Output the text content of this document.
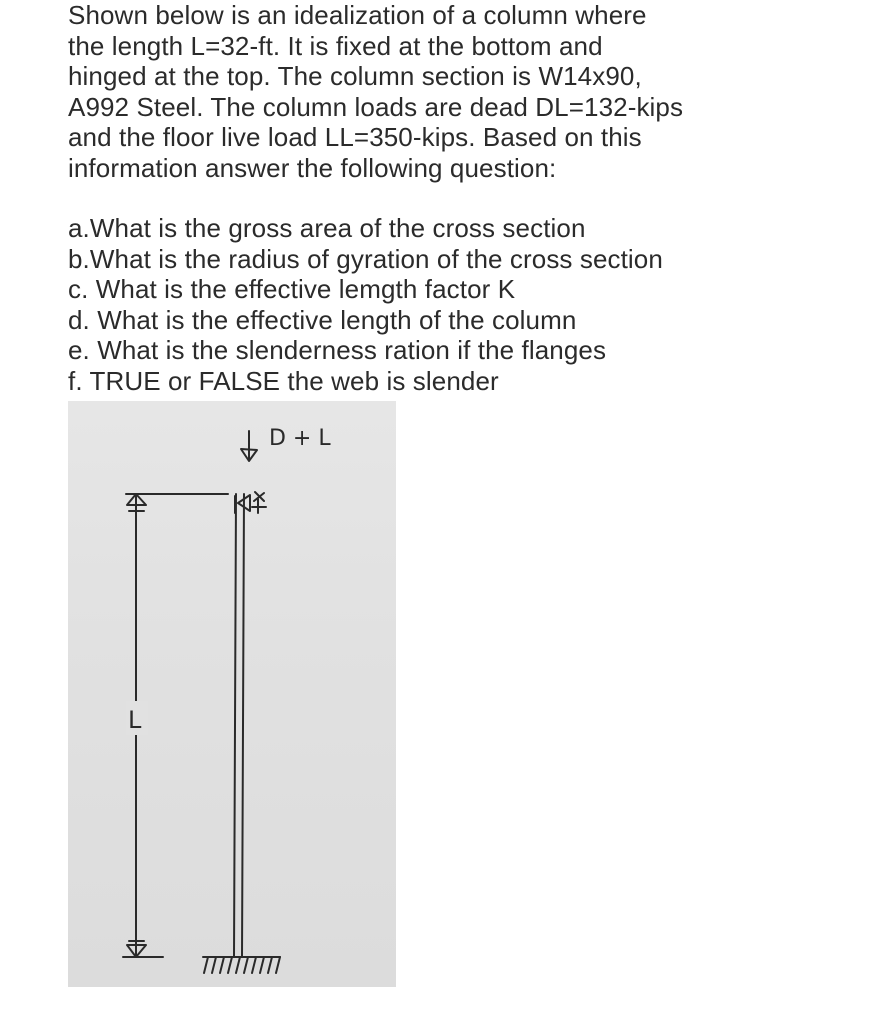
Shown below is an idealization of a column where

the length L=32-ft. It is fixed at the bottom and

hinged at the top. The column section is W14x90,

A992 Steel. The column loads are dead DL=132-kips

and the floor live load LL=350-kips. Based on this

information answer the following question:

a.What is the gross area of the cross section

b.What is the radius of gyration of the cross section

c. What is the effective lemgth factor K

d. What is the effective length of the column

e. What is the slenderness ration if the flanges

f. TRUE or FALSE the web is slender

D + L
L
